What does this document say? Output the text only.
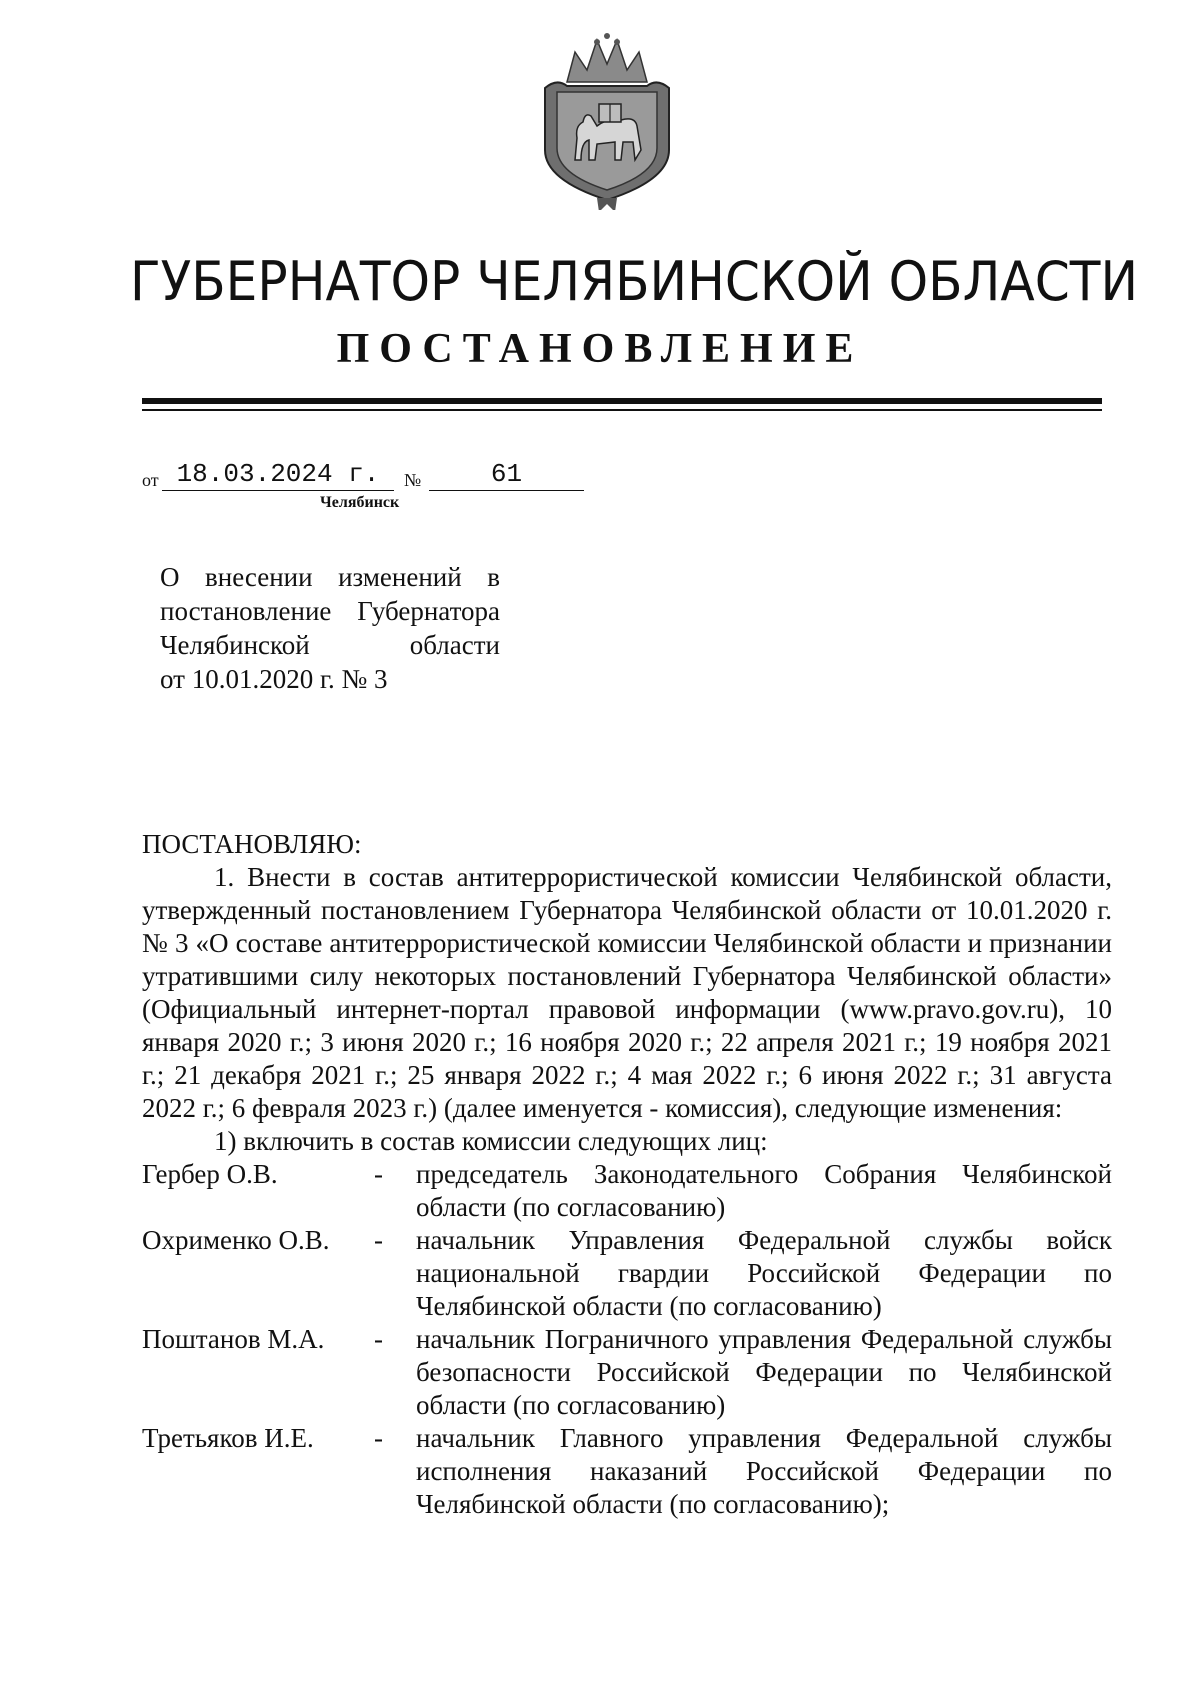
ГУБЕРНАТОР ЧЕЛЯБИНСКОЙ ОБЛАСТИ
ПОСТАНОВЛЕНИЕ
от 18.03.2024 г.	№	61

Челябинск

О внесении изменений в

постановление Губернатора

Челябинской области

от 10.01.2020 г. № 3

ПОСТАНОВЛЯЮ:

1. Внести в состав антитеррористической комиссии Челябинской области, утвержденный постановлением Губернатора Челябинской области от 10.01.2020 г. № 3 «О составе антитеррористической комиссии Челябинской области и признании утратившими силу некоторых постановлений Губернатора Челябинской области» (Официальный интернет-портал правовой информации (www.pravo.gov.ru), 10 января 2020 г.; 3 июня 2020 г.; 16 ноября 2020 г.; 22 апреля 2021 г.; 19 ноября 2021 г.; 21 декабря 2021 г.; 25 января 2022 г.; 4 мая 2022 г.; 6 июня 2022 г.; 31 августа 2022 г.; 6 февраля 2023 г.) (далее именуется - комиссия), следующие изменения:

1) включить в состав комиссии следующих лиц:

Гербер О.В.	-	председатель Законодательного Собрания Челябинской области (по согласованию)
Охрименко О.В.	-	начальник Управления Федеральной службы войск национальной гвардии Российской Федерации по Челябинской области (по согласованию)
Поштанов М.А.	-	начальник Пограничного управления Федеральной службы безопасности Российской Федерации по Челябинской области (по согласованию)
Третьяков И.Е.	-	начальник Главного управления Федеральной службы исполнения наказаний Российской Федерации по Челябинской области (по согласованию);
